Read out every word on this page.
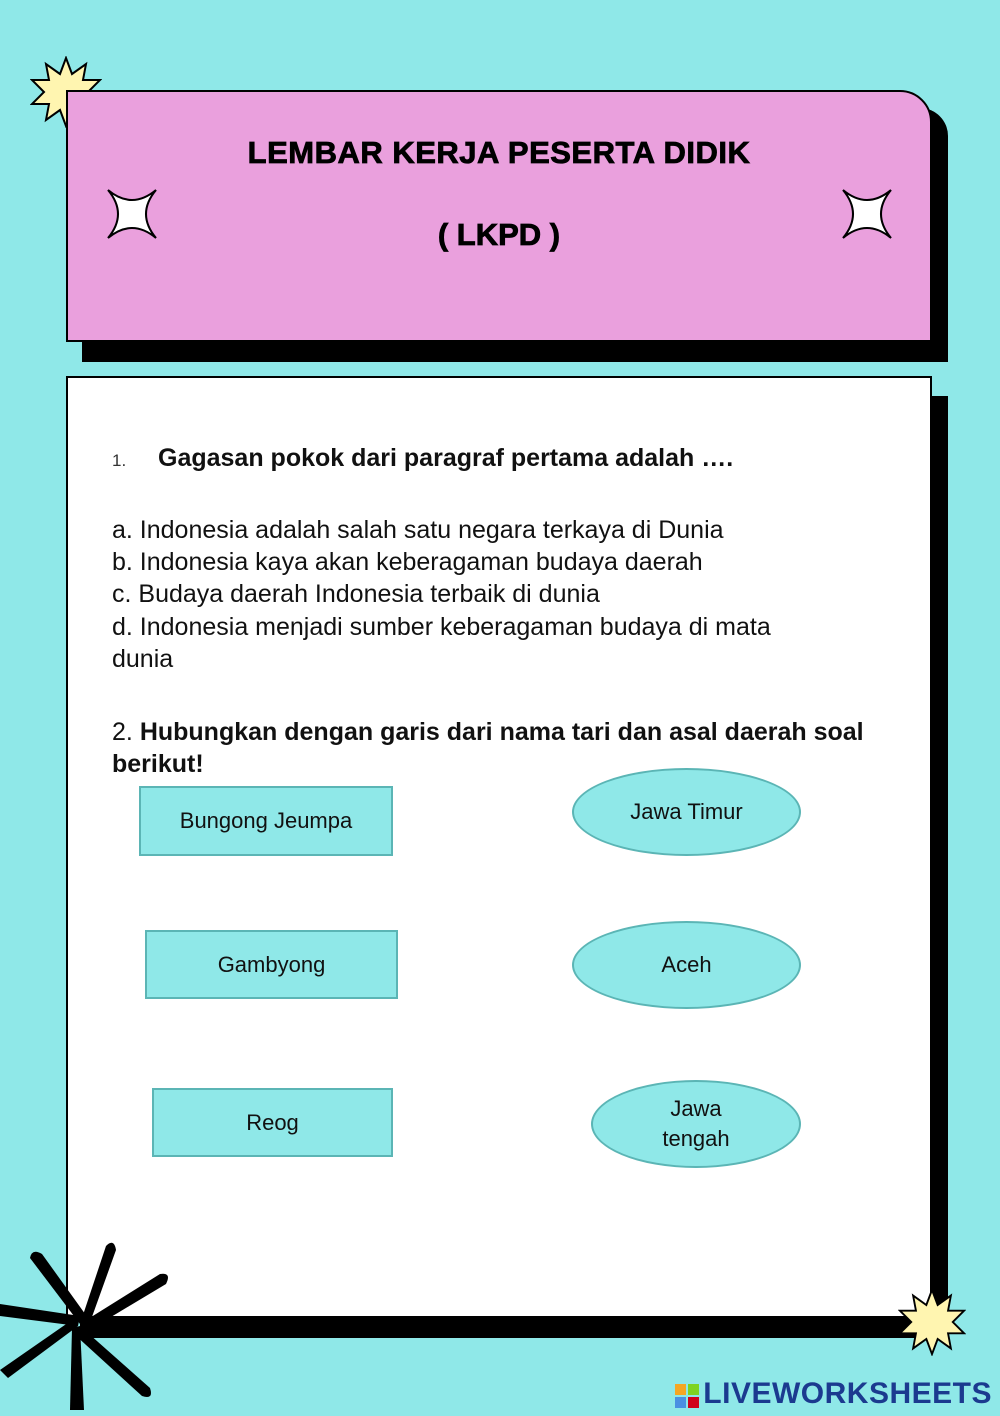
LEMBAR KERJA PESERTA DIDIK
( LKPD )
1. Gagasan pokok dari paragraf pertama adalah ….
a. Indonesia adalah salah satu negara terkaya di Dunia
b. Indonesia kaya akan keberagaman budaya daerah
c. Budaya daerah Indonesia terbaik di dunia
d. Indonesia menjadi sumber keberagaman budaya di mata dunia
2. Hubungkan dengan garis dari nama tari dan asal daerah soal berikut!
Bungong Jeumpa
Gambyong
Reog
Jawa Timur
Aceh
Jawa tengah
LIVEWORKSHEETS
